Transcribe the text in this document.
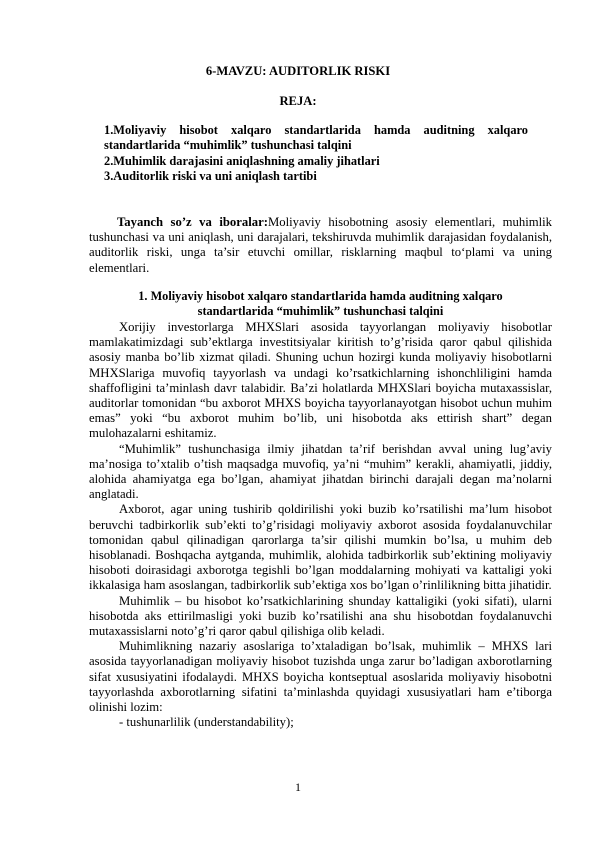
6-MAVZU: AUDITORLIK RISKI
REJA:
1.Moliyaviy hisobot xalqaro standartlarida hamda auditning xalqaro standartlarida “muhimlik” tushunchasi talqini
2.Muhimlik darajasini aniqlashning amaliy jihatlari
3.Auditorlik riski va uni aniqlash tartibi
Tayanch so’z va iboralar:Moliyaviy hisobotning asosiy elementlari, muhimlik tushunchasi va uni aniqlash, uni darajalari, tekshiruvda muhimlik darajasidan foydalanish, auditorlik riski, unga ta’sir etuvchi omillar, risklarning maqbul to‘plami va uning elementlari.
1. Moliyaviy hisobot xalqaro standartlarida hamda auditning xalqaro
standartlarida “muhimlik” tushunchasi talqini

Xorijiy investorlarga MHXSlari asosida tayyorlangan moliyaviy hisobotlar mamlakatimizdagi sub’ektlarga investitsiyalar kiritish to’g’risida qaror qabul qilishida asosiy manba bo’lib xizmat qiladi. Shuning uchun hozirgi kunda moliyaviy hisobotlarni MHXSlariga muvofiq tayyorlash va undagi ko’rsatkichlarning ishonchliligini hamda shaffofligini ta’minlash davr talabidir. Ba’zi holatlarda MHXSlari boyicha mutaxassislar, auditorlar tomonidan “bu axborot MHXS boyicha tayyorlanayotgan hisobot uchun muhim emas” yoki “bu axborot muhim bo’lib, uni hisobotda aks ettirish shart” degan mulohazalarni eshitamiz.

“Muhimlik” tushunchasiga ilmiy jihatdan ta’rif berishdan avval uning lug’aviy ma’nosiga to’xtalib o’tish maqsadga muvofiq, ya’ni “muhim” kerakli, ahamiyatli, jiddiy, alohida ahamiyatga ega bo’lgan, ahamiyat jihatdan birinchi darajali degan ma’nolarni anglatadi.

Axborot, agar uning tushirib qoldirilishi yoki buzib ko’rsatilishi ma’lum hisobot beruvchi tadbirkorlik sub’ekti to’g’risidagi moliyaviy axborot asosida foydalanuvchilar tomonidan qabul qilinadigan qarorlarga ta’sir qilishi mumkin bo’lsa, u muhim deb hisoblanadi. Boshqacha aytganda, muhimlik, alohida tadbirkorlik sub’ektining moliyaviy hisoboti doirasidagi axborotga tegishli bo’lgan moddalarning mohiyati va kattaligi yoki ikkalasiga ham asoslangan, tadbirkorlik sub’ektiga xos bo’lgan o’rinlilikning bitta jihatidir.

Muhimlik – bu hisobot ko’rsatkichlarining shunday kattaligiki (yoki sifati), ularni hisobotda aks ettirilmasligi yoki buzib ko’rsatilishi ana shu hisobotdan foydalanuvchi mutaxassislarni noto’g’ri qaror qabul qilishiga olib keladi.

Muhimlikning nazariy asoslariga to’xtaladigan bo’lsak, muhimlik – MHXS lari asosida tayyorlanadigan moliyaviy hisobot tuzishda unga zarur bo’ladigan axborotlarning sifat xususiyatini ifodalaydi. MHXS boyicha kontseptual asoslarida moliyaviy hisobotni tayyorlashda axborotlarning sifatini ta’minlashda quyidagi xususiyatlari ham e’tiborga olinishi lozim:

- tushunarlilik (understandability);

1
